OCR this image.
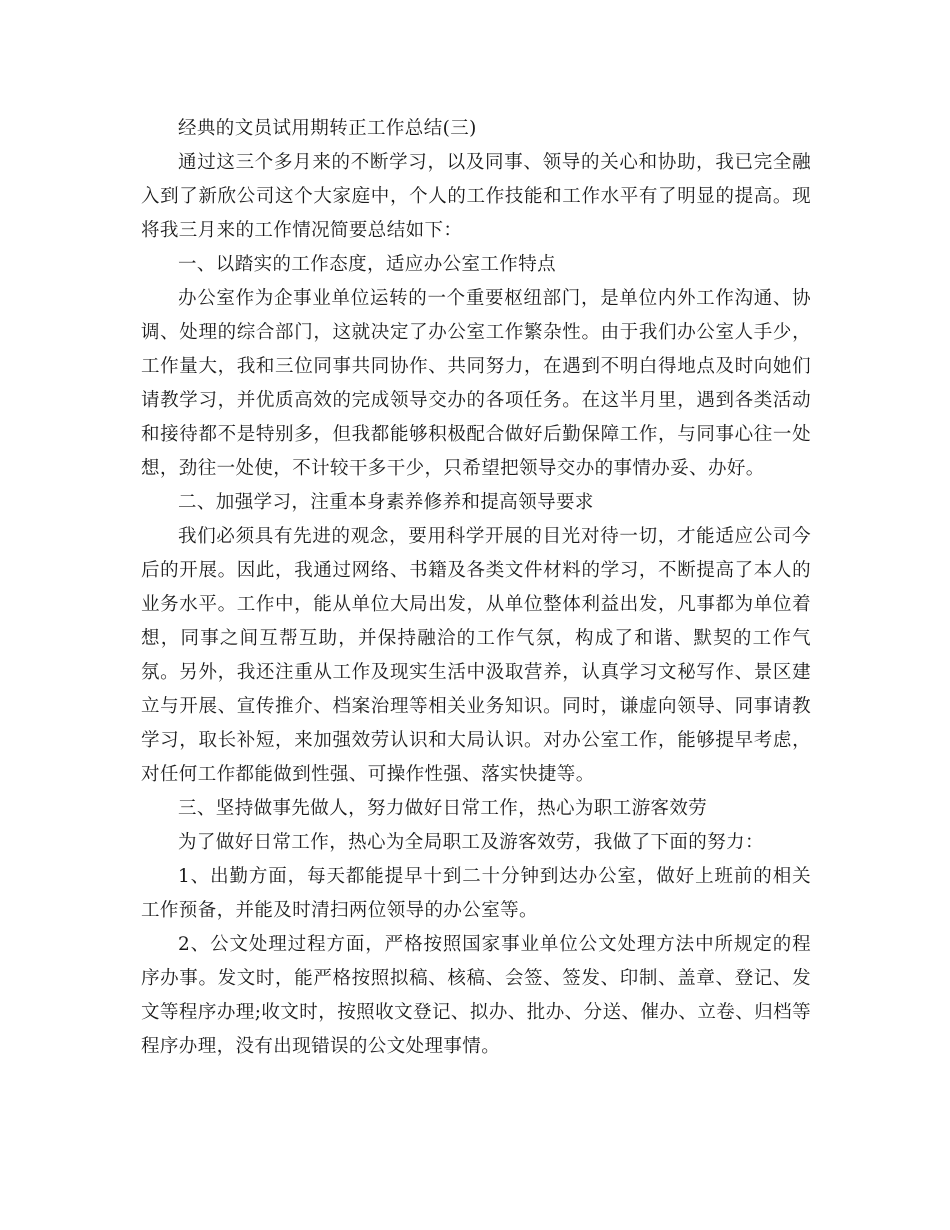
经典的文员试用期转正工作总结(三)

通过这三个多月来的不断学习，以及同事、领导的关心和协助，我已完全融入到了新欣公司这个大家庭中，个人的工作技能和工作水平有了明显的提高。现将我三月来的工作情况简要总结如下：

一、以踏实的工作态度，适应办公室工作特点

办公室作为企事业单位运转的一个重要枢纽部门，是单位内外工作沟通、协调、处理的综合部门，这就决定了办公室工作繁杂性。由于我们办公室人手少，工作量大，我和三位同事共同协作、共同努力，在遇到不明白得地点及时向她们请教学习，并优质高效的完成领导交办的各项任务。在这半月里，遇到各类活动和接待都不是特别多，但我都能够积极配合做好后勤保障工作，与同事心往一处想，劲往一处使，不计较干多干少，只希望把领导交办的事情办妥、办好。

二、加强学习，注重本身素养修养和提高领导要求

我们必须具有先进的观念，要用科学开展的目光对待一切，才能适应公司今后的开展。因此，我通过网络、书籍及各类文件材料的学习，不断提高了本人的业务水平。工作中，能从单位大局出发，从单位整体利益出发，凡事都为单位着想，同事之间互帮互助，并保持融洽的工作气氛，构成了和谐、默契的工作气氛。另外，我还注重从工作及现实生活中汲取营养，认真学习文秘写作、景区建立与开展、宣传推介、档案治理等相关业务知识。同时，谦虚向领导、同事请教学习，取长补短，来加强效劳认识和大局认识。对办公室工作，能够提早考虑，对任何工作都能做到性强、可操作性强、落实快捷等。

三、坚持做事先做人，努力做好日常工作，热心为职工游客效劳

为了做好日常工作，热心为全局职工及游客效劳，我做了下面的努力：

1、出勤方面，每天都能提早十到二十分钟到达办公室，做好上班前的相关工作预备，并能及时清扫两位领导的办公室等。

2、公文处理过程方面，严格按照国家事业单位公文处理方法中所规定的程序办事。发文时，能严格按照拟稿、核稿、会签、签发、印制、盖章、登记、发文等程序办理;收文时，按照收文登记、拟办、批办、分送、催办、立卷、归档等程序办理，没有出现错误的公文处理事情。
